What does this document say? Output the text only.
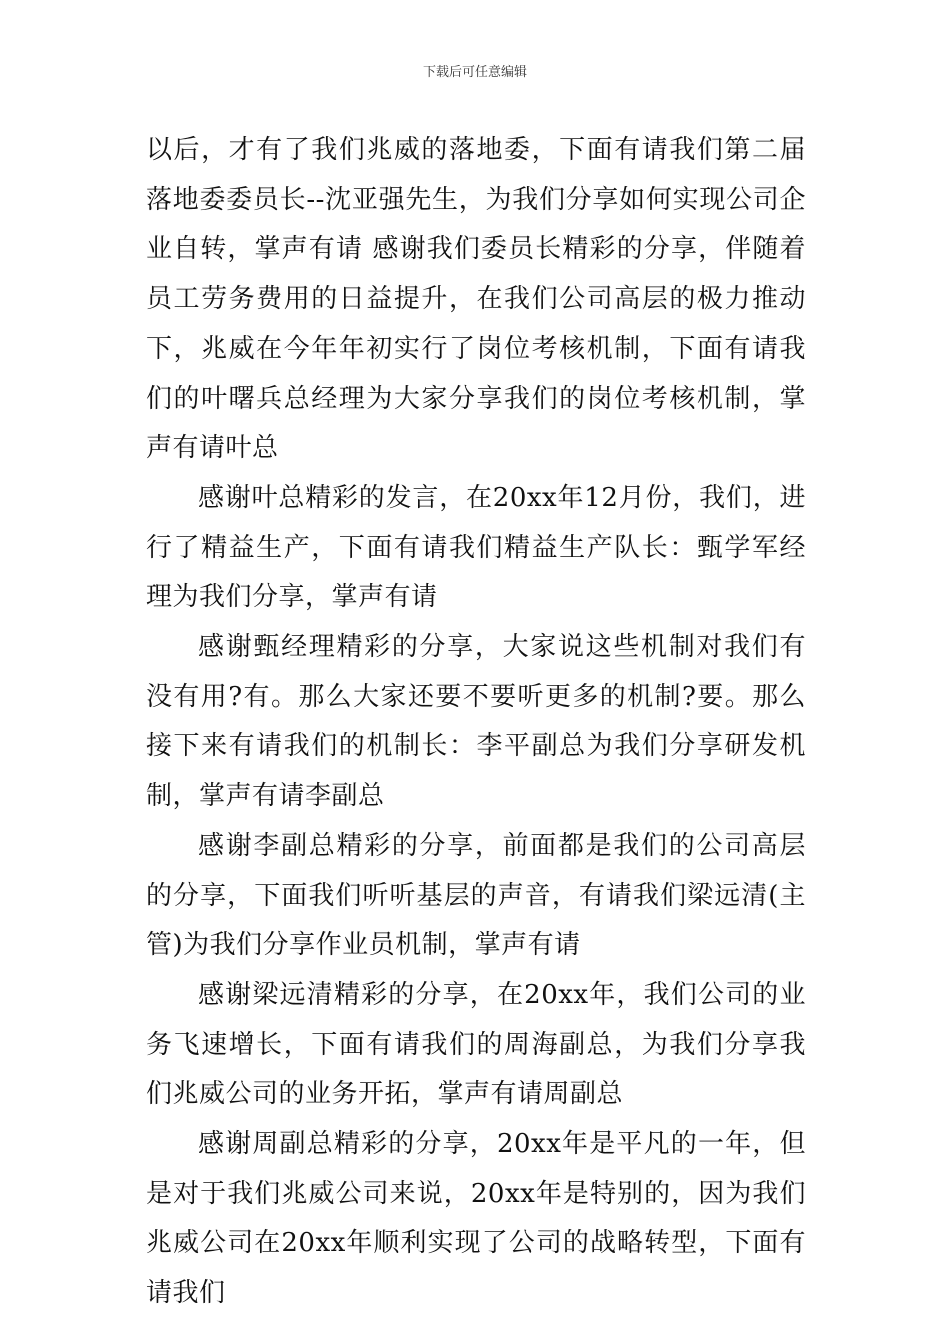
下载后可任意编辑

以后，才有了我们兆威的落地委，下面有请我们第二届落地委委员长--沈亚强先生，为我们分享如何实现公司企业自转，掌声有请 感谢我们委员长精彩的分享，伴随着员工劳务费用的日益提升，在我们公司高层的极力推动下，兆威在今年年初实行了岗位考核机制，下面有请我们的叶曙兵总经理为大家分享我们的岗位考核机制，掌声有请叶总

感谢叶总精彩的发言，在20xx年12月份，我们，进行了精益生产，下面有请我们精益生产队长：甄学军经理为我们分享，掌声有请

感谢甄经理精彩的分享，大家说这些机制对我们有没有用?有。那么大家还要不要听更多的机制?要。那么接下来有请我们的机制长：李平副总为我们分享研发机制，掌声有请李副总

感谢李副总精彩的分享，前面都是我们的公司高层的分享，下面我们听听基层的声音，有请我们梁远清(主管)为我们分享作业员机制，掌声有请

感谢梁远清精彩的分享，在20xx年，我们公司的业务飞速增长，下面有请我们的周海副总，为我们分享我们兆威公司的业务开拓，掌声有请周副总

感谢周副总精彩的分享，20xx年是平凡的一年，但是对于我们兆威公司来说，20xx年是特别的，因为我们兆威公司在20xx年顺利实现了公司的战略转型，下面有请我们
